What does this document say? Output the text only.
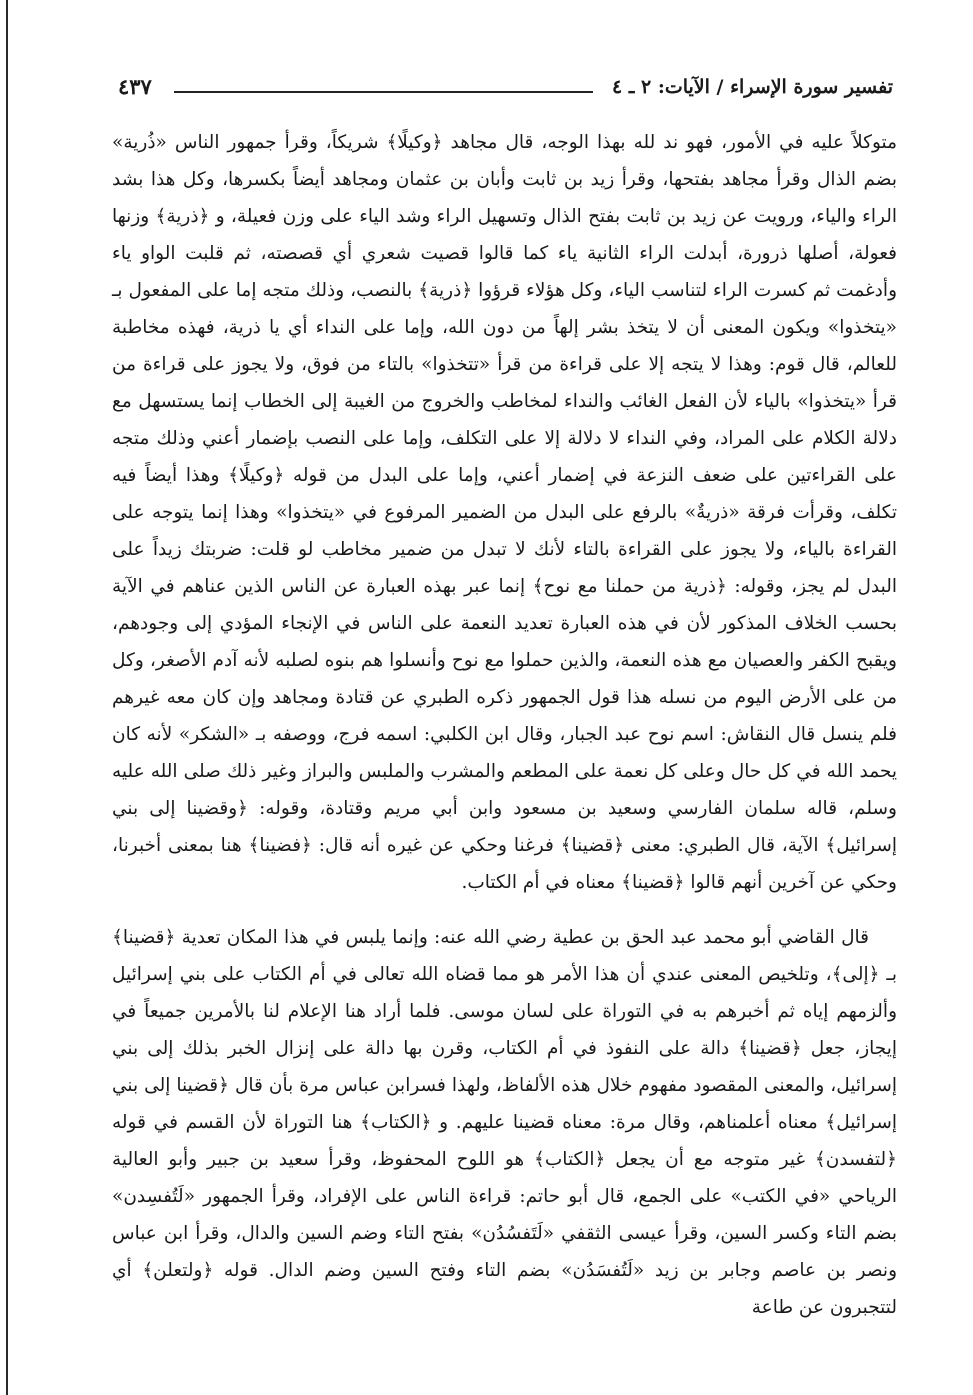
تفسير سورة الإسراء / الآيات: ٢ ـ ٤
٤٣٧

متوكلاً عليه في الأمور، فهو ند لله بهذا الوجه، قال مجاهد ﴿وكيلًا﴾ شريكاً، وقرأ جمهور الناس «ذُرية» بضم الذال وقرأ مجاهد بفتحها، وقرأ زيد بن ثابت وأبان بن عثمان ومجاهد أيضاً بكسرها، وكل هذا بشد الراء والياء، ورويت عن زيد بن ثابت بفتح الذال وتسهيل الراء وشد الياء على وزن فعيلة، و ﴿ذرية﴾ وزنها فعولة، أصلها ذرورة، أبدلت الراء الثانية ياء كما قالوا قصيت شعري أي قصصته، ثم قلبت الواو ياء وأدغمت ثم كسرت الراء لتناسب الياء، وكل هؤلاء قرؤوا ﴿ذرية﴾ بالنصب، وذلك متجه إما على المفعول بـ «يتخذوا» ويكون المعنى أن لا يتخذ بشر إلهاً من دون الله، وإما على النداء أي يا ذرية، فهذه مخاطبة للعالم، قال قوم: وهذا لا يتجه إلا على قراءة من قرأ «تتخذوا» بالتاء من فوق، ولا يجوز على قراءة من قرأ «يتخذوا» بالياء لأن الفعل الغائب والنداء لمخاطب والخروج من الغيبة إلى الخطاب إنما يستسهل مع دلالة الكلام على المراد، وفي النداء لا دلالة إلا على التكلف، وإما على النصب بإضمار أعني وذلك متجه على القراءتين على ضعف النزعة في إضمار أعني، وإما على البدل من قوله ﴿وكيلًا﴾ وهذا أيضاً فيه تكلف، وقرأت فرقة «ذريةٌ» بالرفع على البدل من الضمير المرفوع في «يتخذوا» وهذا إنما يتوجه على القراءة بالياء، ولا يجوز على القراءة بالتاء لأنك لا تبدل من ضمير مخاطب لو قلت: ضربتك زيداً على البدل لم يجز، وقوله: ﴿ذرية من حملنا مع نوح﴾ إنما عبر بهذه العبارة عن الناس الذين عناهم في الآية بحسب الخلاف المذكور لأن في هذه العبارة تعديد النعمة على الناس في الإنجاء المؤدي إلى وجودهم، ويقبح الكفر والعصيان مع هذه النعمة، والذين حملوا مع نوح وأنسلوا هم بنوه لصلبه لأنه آدم الأصغر، وكل من على الأرض اليوم من نسله هذا قول الجمهور ذكره الطبري عن قتادة ومجاهد وإن كان معه غيرهم فلم ينسل قال النقاش: اسم نوح عبد الجبار، وقال ابن الكلبي: اسمه فرج، ووصفه بـ «الشكر» لأنه كان يحمد الله في كل حال وعلى كل نعمة على المطعم والمشرب والملبس والبراز وغير ذلك صلى الله عليه وسلم، قاله سلمان الفارسي وسعيد بن مسعود وابن أبي مريم وقتادة، وقوله: ﴿وقضينا إلى بني إسرائيل﴾ الآية، قال الطبري: معنى ﴿قضينا﴾ فرغنا وحكي عن غيره أنه قال: ﴿فضينا﴾ هنا بمعنى أخبرنا، وحكي عن آخرين أنهم قالوا ﴿قضينا﴾ معناه في أم الكتاب.

قال القاضي أبو محمد عبد الحق بن عطية رضي الله عنه: وإنما يلبس في هذا المكان تعدية ﴿قضينا﴾ بـ ﴿إلى﴾، وتلخيص المعنى عندي أن هذا الأمر هو مما قضاه الله تعالى في أم الكتاب على بني إسرائيل وألزمهم إياه ثم أخبرهم به في التوراة على لسان موسى. فلما أراد هنا الإعلام لنا بالأمرين جميعاً في إيجاز، جعل ﴿قضينا﴾ دالة على النفوذ في أم الكتاب، وقرن بها دالة على إنزال الخبر بذلك إلى بني إسرائيل، والمعنى المقصود مفهوم خلال هذه الألفاظ، ولهذا فسرابن عباس مرة بأن قال ﴿قضينا إلى بني إسرائيل﴾ معناه أعلمناهم، وقال مرة: معناه قضينا عليهم. و ﴿الكتاب﴾ هنا التوراة لأن القسم في قوله ﴿لتفسدن﴾ غير متوجه مع أن يجعل ﴿الكتاب﴾ هو اللوح المحفوظ، وقرأ سعيد بن جبير وأبو العالية الرياحي «في الكتب» على الجمع، قال أبو حاتم: قراءة الناس على الإفراد، وقرأ الجمهور «لَتُفسِدن» بضم التاء وكسر السين، وقرأ عيسى الثقفي «لَتَفسُدُن» بفتح التاء وضم السين والدال، وقرأ ابن عباس ونصر بن عاصم وجابر بن زيد «لَتُفسَدُن» بضم التاء وفتح السين وضم الدال. قوله ﴿ولتعلن﴾ أي لتتجبرون عن طاعة
